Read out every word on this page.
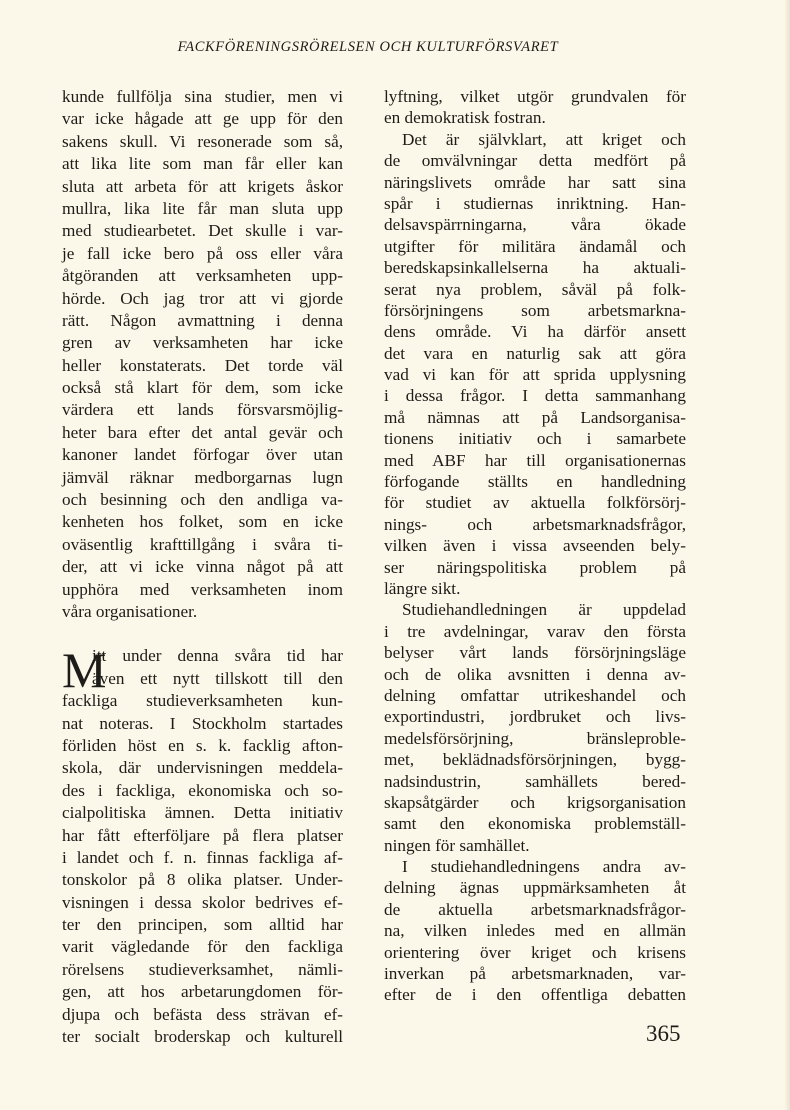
FACKFÖRENINGSRÖRELSEN OCH KULTURFÖRSVARET
kunde fullfölja sina studier, men vi
var icke hågade att ge upp för den
sakens skull. Vi resonerade som så,
att lika lite som man får eller kan
sluta att arbeta för att krigets åskor
mullra, lika lite får man sluta upp
med studiearbetet. Det skulle i var-
je fall icke bero på oss eller våra
åtgöranden att verksamheten upp-
hörde. Och jag tror att vi gjorde
rätt. Någon avmattning i denna
gren av verksamheten har icke
heller konstaterats. Det torde väl
också stå klart för dem, som icke
värdera ett lands försvarsmöjlig-
heter bara efter det antal gevär och
kanoner landet förfogar över utan
jämväl räknar medborgarnas lugn
och besinning och den andliga va-
kenheten hos folket, som en icke
oväsentlig krafttillgång i svåra ti-
der, att vi icke vinna något på att
upphöra med verksamheten inom
våra organisationer.
M
itt under denna svåra tid har
även ett nytt tillskott till den
fackliga studieverksamheten kun-
nat noteras. I Stockholm startades
förliden höst en s. k. facklig afton-
skola, där undervisningen meddela-
des i fackliga, ekonomiska och so-
cialpolitiska ämnen. Detta initiativ
har fått efterföljare på flera platser
i landet och f. n. finnas fackliga af-
tonskolor på 8 olika platser. Under-
visningen i dessa skolor bedrives ef-
ter den principen, som alltid har
varit vägledande för den fackliga
rörelsens studieverksamhet, nämli-
gen, att hos arbetarungdomen för-
djupa och befästa dess strävan ef-
ter socialt broderskap och kulturell
lyftning, vilket utgör grundvalen för
en demokratisk fostran.
Det är självklart, att kriget och
de omvälvningar detta medfört på
näringslivets område har satt sina
spår i studiernas inriktning. Han-
delsavspärrningarna, våra ökade
utgifter för militära ändamål och
beredskapsinkallelserna ha aktuali-
serat nya problem, såväl på folk-
försörjningens som arbetsmarkna-
dens område. Vi ha därför ansett
det vara en naturlig sak att göra
vad vi kan för att sprida upplysning
i dessa frågor. I detta sammanhang
må nämnas att på Landsorganisa-
tionens initiativ och i samarbete
med ABF har till organisationernas
förfogande ställts en handledning
för studiet av aktuella folkförsörj-
nings- och arbetsmarknadsfrågor,
vilken även i vissa avseenden bely-
ser näringspolitiska problem på
längre sikt.
Studiehandledningen är uppdelad
i tre avdelningar, varav den första
belyser vårt lands försörjningsläge
och de olika avsnitten i denna av-
delning omfattar utrikeshandel och
exportindustri, jordbruket och livs-
medelsförsörjning, bränsleproble-
met, beklädnadsförsörjningen, bygg-
nadsindustrin, samhällets bered-
skapsåtgärder och krigsorganisation
samt den ekonomiska problemställ-
ningen för samhället.
I studiehandledningens andra av-
delning ägnas uppmärksamheten åt
de aktuella arbetsmarknadsfrågor-
na, vilken inledes med en allmän
orientering över kriget och krisens
inverkan på arbetsmarknaden, var-
efter de i den offentliga debatten
365
